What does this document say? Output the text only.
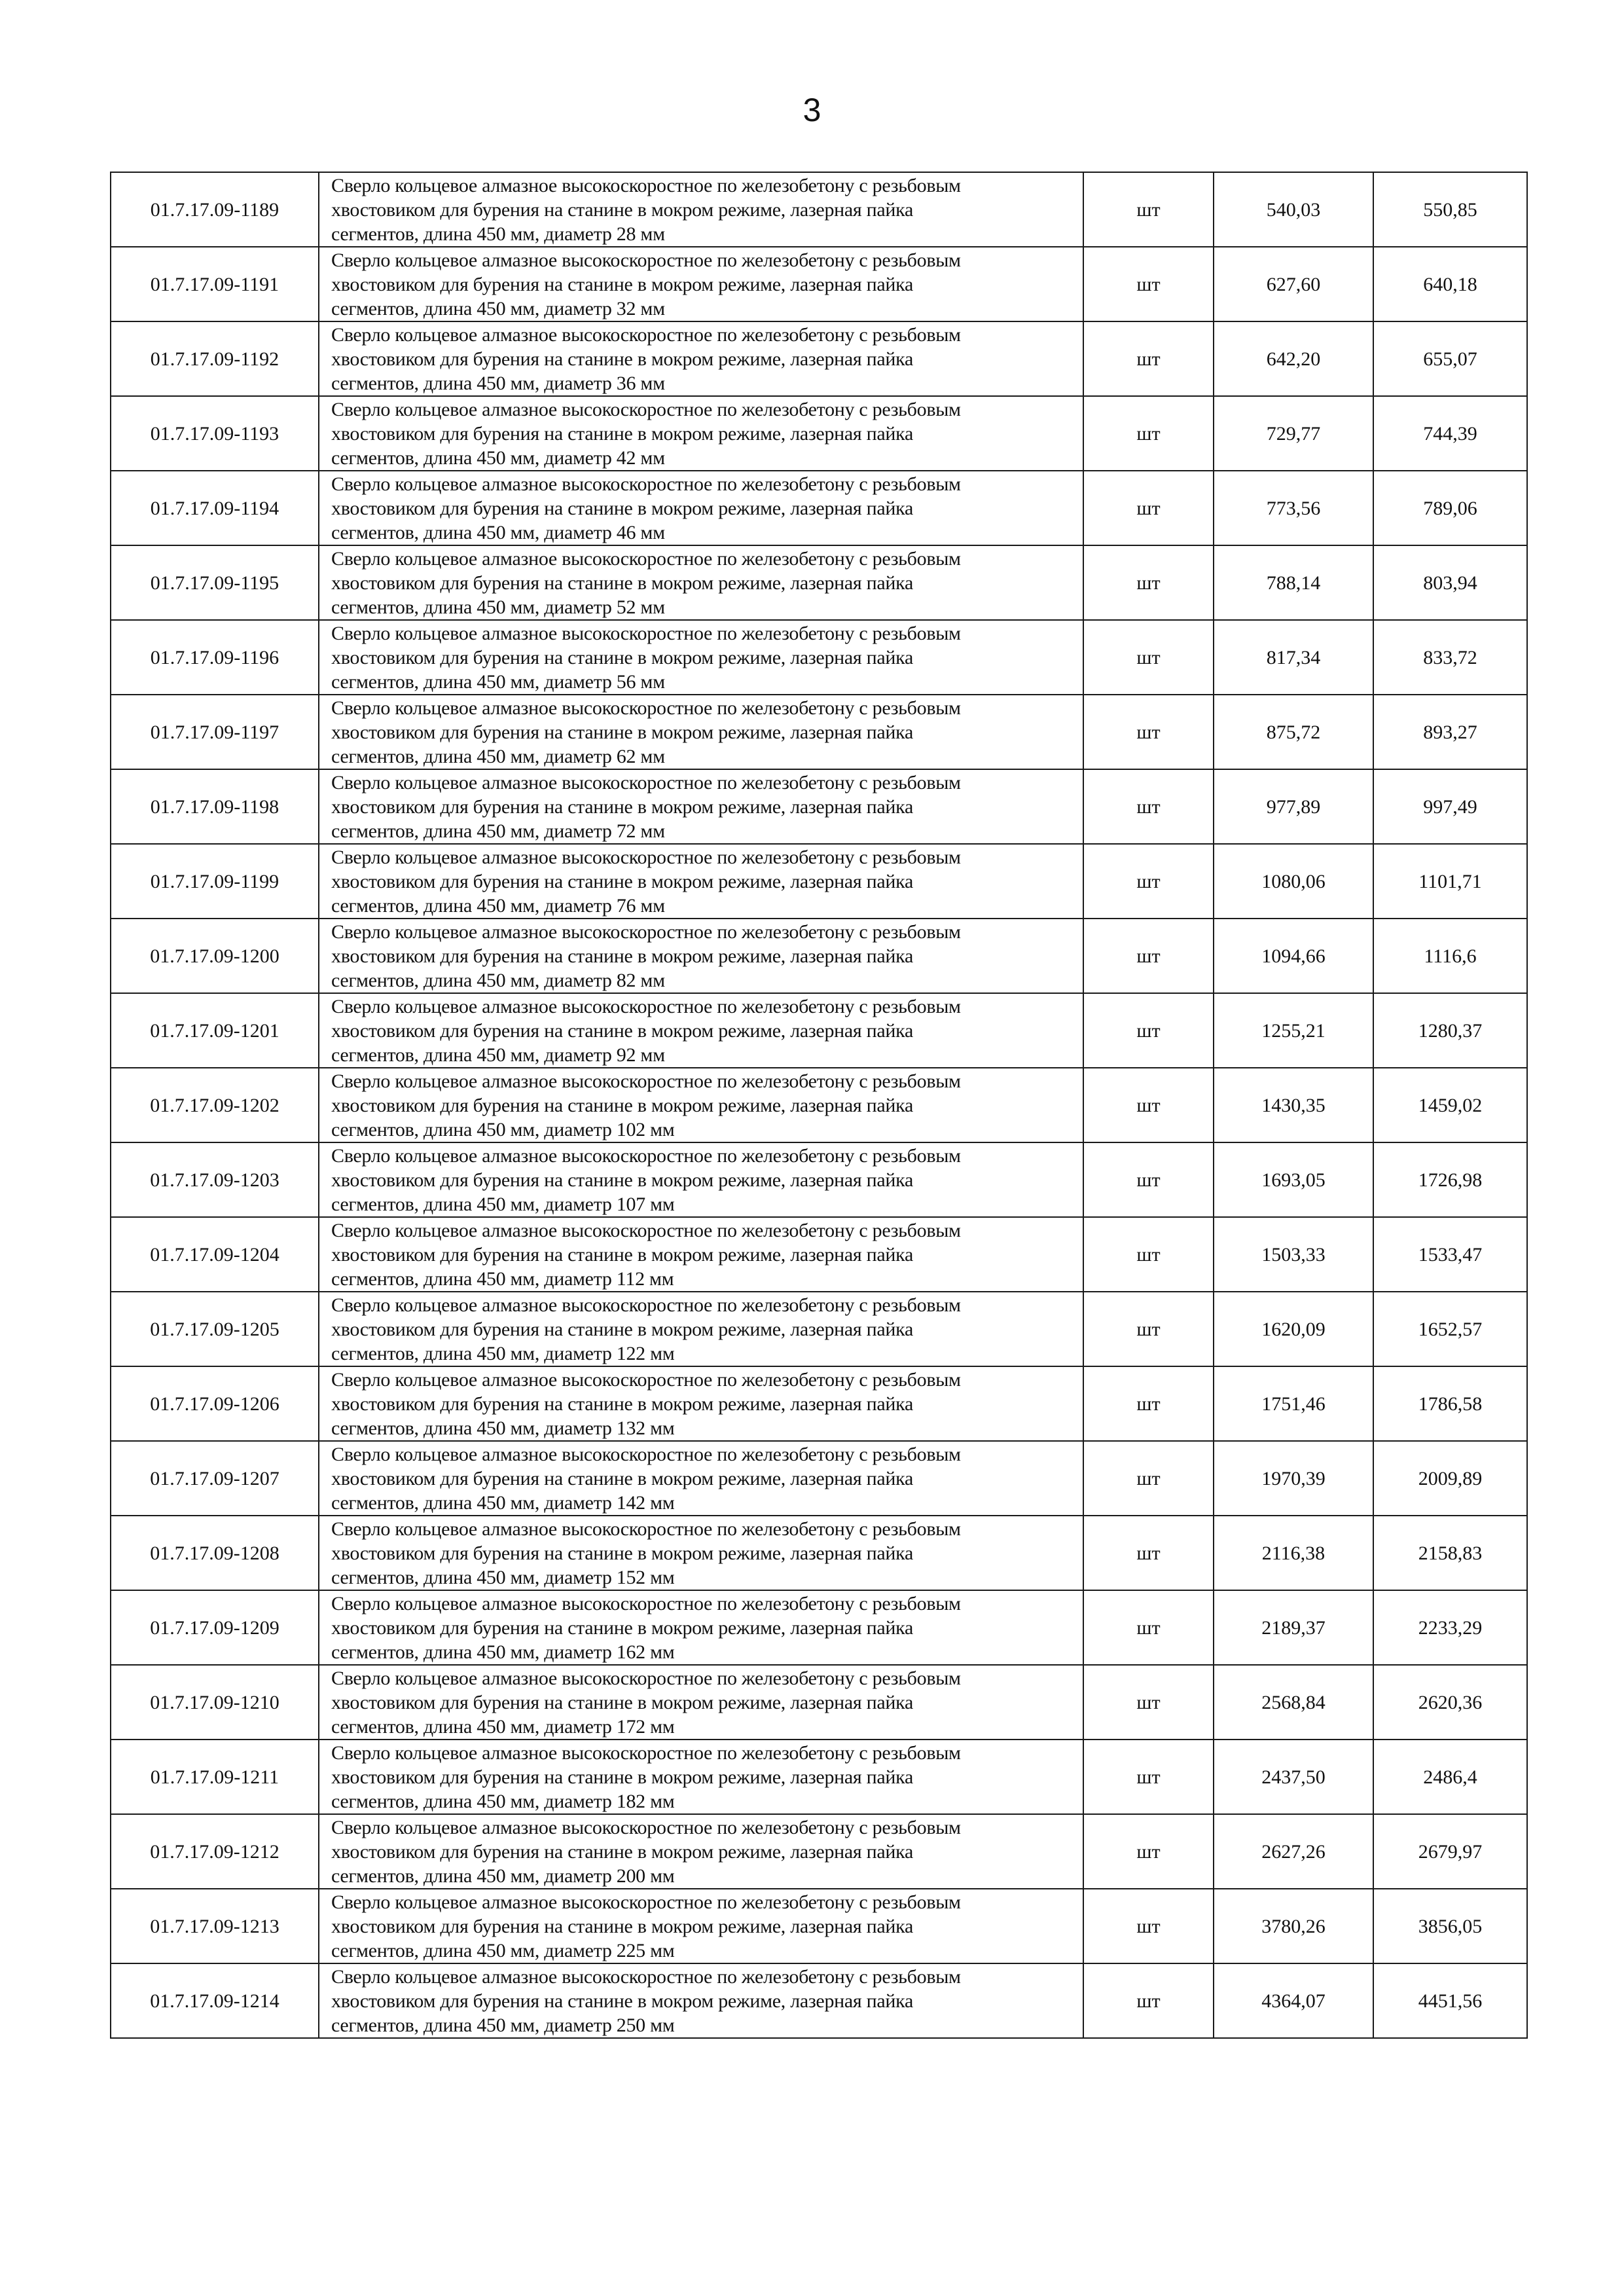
3
01.7.17.09-1189	Сверло кольцевое алмазное высокоскоростное по железобетону с резьбовым
хвостовиком для бурения на станине в мокром режиме, лазерная пайка
сегментов, длина 450 мм, диаметр 28 мм	шт	540,03	550,85
01.7.17.09-1191	Сверло кольцевое алмазное высокоскоростное по железобетону с резьбовым
хвостовиком для бурения на станине в мокром режиме, лазерная пайка
сегментов, длина 450 мм, диаметр 32 мм	шт	627,60	640,18
01.7.17.09-1192	Сверло кольцевое алмазное высокоскоростное по железобетону с резьбовым
хвостовиком для бурения на станине в мокром режиме, лазерная пайка
сегментов, длина 450 мм, диаметр 36 мм	шт	642,20	655,07
01.7.17.09-1193	Сверло кольцевое алмазное высокоскоростное по железобетону с резьбовым
хвостовиком для бурения на станине в мокром режиме, лазерная пайка
сегментов, длина 450 мм, диаметр 42 мм	шт	729,77	744,39
01.7.17.09-1194	Сверло кольцевое алмазное высокоскоростное по железобетону с резьбовым
хвостовиком для бурения на станине в мокром режиме, лазерная пайка
сегментов, длина 450 мм, диаметр 46 мм	шт	773,56	789,06
01.7.17.09-1195	Сверло кольцевое алмазное высокоскоростное по железобетону с резьбовым
хвостовиком для бурения на станине в мокром режиме, лазерная пайка
сегментов, длина 450 мм, диаметр 52 мм	шт	788,14	803,94
01.7.17.09-1196	Сверло кольцевое алмазное высокоскоростное по железобетону с резьбовым
хвостовиком для бурения на станине в мокром режиме, лазерная пайка
сегментов, длина 450 мм, диаметр 56 мм	шт	817,34	833,72
01.7.17.09-1197	Сверло кольцевое алмазное высокоскоростное по железобетону с резьбовым
хвостовиком для бурения на станине в мокром режиме, лазерная пайка
сегментов, длина 450 мм, диаметр 62 мм	шт	875,72	893,27
01.7.17.09-1198	Сверло кольцевое алмазное высокоскоростное по железобетону с резьбовым
хвостовиком для бурения на станине в мокром режиме, лазерная пайка
сегментов, длина 450 мм, диаметр 72 мм	шт	977,89	997,49
01.7.17.09-1199	Сверло кольцевое алмазное высокоскоростное по железобетону с резьбовым
хвостовиком для бурения на станине в мокром режиме, лазерная пайка
сегментов, длина 450 мм, диаметр 76 мм	шт	1080,06	1101,71
01.7.17.09-1200	Сверло кольцевое алмазное высокоскоростное по железобетону с резьбовым
хвостовиком для бурения на станине в мокром режиме, лазерная пайка
сегментов, длина 450 мм, диаметр 82 мм	шт	1094,66	1116,6
01.7.17.09-1201	Сверло кольцевое алмазное высокоскоростное по железобетону с резьбовым
хвостовиком для бурения на станине в мокром режиме, лазерная пайка
сегментов, длина 450 мм, диаметр 92 мм	шт	1255,21	1280,37
01.7.17.09-1202	Сверло кольцевое алмазное высокоскоростное по железобетону с резьбовым
хвостовиком для бурения на станине в мокром режиме, лазерная пайка
сегментов, длина 450 мм, диаметр 102 мм	шт	1430,35	1459,02
01.7.17.09-1203	Сверло кольцевое алмазное высокоскоростное по железобетону с резьбовым
хвостовиком для бурения на станине в мокром режиме, лазерная пайка
сегментов, длина 450 мм, диаметр 107 мм	шт	1693,05	1726,98
01.7.17.09-1204	Сверло кольцевое алмазное высокоскоростное по железобетону с резьбовым
хвостовиком для бурения на станине в мокром режиме, лазерная пайка
сегментов, длина 450 мм, диаметр 112 мм	шт	1503,33	1533,47
01.7.17.09-1205	Сверло кольцевое алмазное высокоскоростное по железобетону с резьбовым
хвостовиком для бурения на станине в мокром режиме, лазерная пайка
сегментов, длина 450 мм, диаметр 122 мм	шт	1620,09	1652,57
01.7.17.09-1206	Сверло кольцевое алмазное высокоскоростное по железобетону с резьбовым
хвостовиком для бурения на станине в мокром режиме, лазерная пайка
сегментов, длина 450 мм, диаметр 132 мм	шт	1751,46	1786,58
01.7.17.09-1207	Сверло кольцевое алмазное высокоскоростное по железобетону с резьбовым
хвостовиком для бурения на станине в мокром режиме, лазерная пайка
сегментов, длина 450 мм, диаметр 142 мм	шт	1970,39	2009,89
01.7.17.09-1208	Сверло кольцевое алмазное высокоскоростное по железобетону с резьбовым
хвостовиком для бурения на станине в мокром режиме, лазерная пайка
сегментов, длина 450 мм, диаметр 152 мм	шт	2116,38	2158,83
01.7.17.09-1209	Сверло кольцевое алмазное высокоскоростное по железобетону с резьбовым
хвостовиком для бурения на станине в мокром режиме, лазерная пайка
сегментов, длина 450 мм, диаметр 162 мм	шт	2189,37	2233,29
01.7.17.09-1210	Сверло кольцевое алмазное высокоскоростное по железобетону с резьбовым
хвостовиком для бурения на станине в мокром режиме, лазерная пайка
сегментов, длина 450 мм, диаметр 172 мм	шт	2568,84	2620,36
01.7.17.09-1211	Сверло кольцевое алмазное высокоскоростное по железобетону с резьбовым
хвостовиком для бурения на станине в мокром режиме, лазерная пайка
сегментов, длина 450 мм, диаметр 182 мм	шт	2437,50	2486,4
01.7.17.09-1212	Сверло кольцевое алмазное высокоскоростное по железобетону с резьбовым
хвостовиком для бурения на станине в мокром режиме, лазерная пайка
сегментов, длина 450 мм, диаметр 200 мм	шт	2627,26	2679,97
01.7.17.09-1213	Сверло кольцевое алмазное высокоскоростное по железобетону с резьбовым
хвостовиком для бурения на станине в мокром режиме, лазерная пайка
сегментов, длина 450 мм, диаметр 225 мм	шт	3780,26	3856,05
01.7.17.09-1214	Сверло кольцевое алмазное высокоскоростное по железобетону с резьбовым
хвостовиком для бурения на станине в мокром режиме, лазерная пайка
сегментов, длина 450 мм, диаметр 250 мм	шт	4364,07	4451,56
